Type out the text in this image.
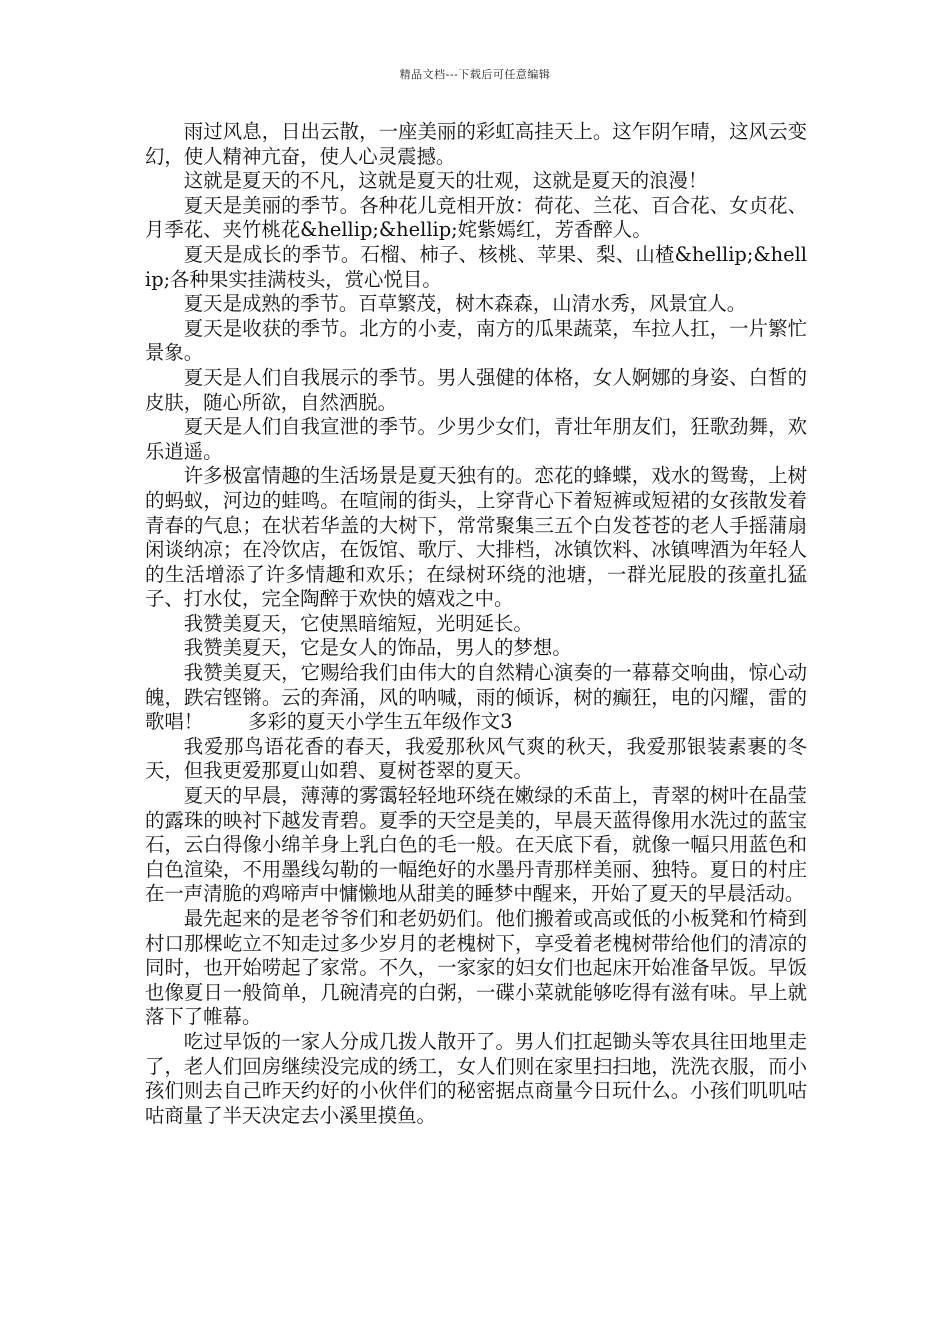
精品文档---下载后可任意编辑

雨过风息，日出云散，一座美丽的彩虹高挂天上。这乍阴乍晴，这风云变幻，使人精神亢奋，使人心灵震撼。

这就是夏天的不凡，这就是夏天的壮观，这就是夏天的浪漫！

夏天是美丽的季节。各种花儿竞相开放：荷花、兰花、百合花、女贞花、月季花、夹竹桃花&hellip;&hellip;姹紫嫣红，芳香醉人。

夏天是成长的季节。石榴、柿子、核桃、苹果、梨、山楂&hellip;&hellip;各种果实挂满枝头，赏心悦目。

夏天是成熟的季节。百草繁茂，树木森森，山清水秀，风景宜人。

夏天是收获的季节。北方的小麦，南方的瓜果蔬菜，车拉人扛，一片繁忙景象。

夏天是人们自我展示的季节。男人强健的体格，女人婀娜的身姿、白皙的皮肤，随心所欲，自然洒脱。

夏天是人们自我宣泄的季节。少男少女们，青壮年朋友们，狂歌劲舞，欢乐逍遥。

许多极富情趣的生活场景是夏天独有的。恋花的蜂蝶，戏水的鸳鸯，上树的蚂蚁，河边的蛙鸣。在喧闹的街头，上穿背心下着短裤或短裙的女孩散发着青春的气息；在状若华盖的大树下，常常聚集三五个白发苍苍的老人手摇蒲扇闲谈纳凉；在冷饮店，在饭馆、歌厅、大排档，冰镇饮料、冰镇啤酒为年轻人的生活增添了许多情趣和欢乐；在绿树环绕的池塘，一群光屁股的孩童扎猛子、打水仗，完全陶醉于欢快的嬉戏之中。

我赞美夏天，它使黑暗缩短，光明延长。

我赞美夏天，它是女人的饰品，男人的梦想。

我赞美夏天，它赐给我们由伟大的自然精心演奏的一幕幕交响曲，惊心动魄，跌宕铿锵。云的奔涌，风的呐喊，雨的倾诉，树的癫狂，电的闪耀，雷的歌唱！　　 多彩的夏天小学生五年级作文3

我爱那鸟语花香的春天，我爱那秋风气爽的秋天，我爱那银装素裹的冬天，但我更爱那夏山如碧、夏树苍翠的夏天。

夏天的早晨，薄薄的雾霭轻轻地环绕在嫩绿的禾苗上，青翠的树叶在晶莹的露珠的映衬下越发青碧。夏季的天空是美的，早晨天蓝得像用水洗过的蓝宝石，云白得像小绵羊身上乳白色的毛一般。在天底下看，就像一幅只用蓝色和白色渲染，不用墨线勾勒的一幅绝好的水墨丹青那样美丽、独特。夏日的村庄在一声清脆的鸡啼声中慵懒地从甜美的睡梦中醒来，开始了夏天的早晨活动。

最先起来的是老爷爷们和老奶奶们。他们搬着或高或低的小板凳和竹椅到村口那棵屹立不知走过多少岁月的老槐树下，享受着老槐树带给他们的清凉的同时，也开始唠起了家常。不久，一家家的妇女们也起床开始准备早饭。早饭也像夏日一般简单，几碗清亮的白粥，一碟小菜就能够吃得有滋有味。早上就落下了帷幕。

吃过早饭的一家人分成几拨人散开了。男人们扛起锄头等农具往田地里走了，老人们回房继续没完成的绣工，女人们则在家里扫扫地，洗洗衣服，而小孩们则去自己昨天约好的小伙伴们的秘密据点商量今日玩什么。小孩们叽叽咕咕商量了半天决定去小溪里摸鱼。
